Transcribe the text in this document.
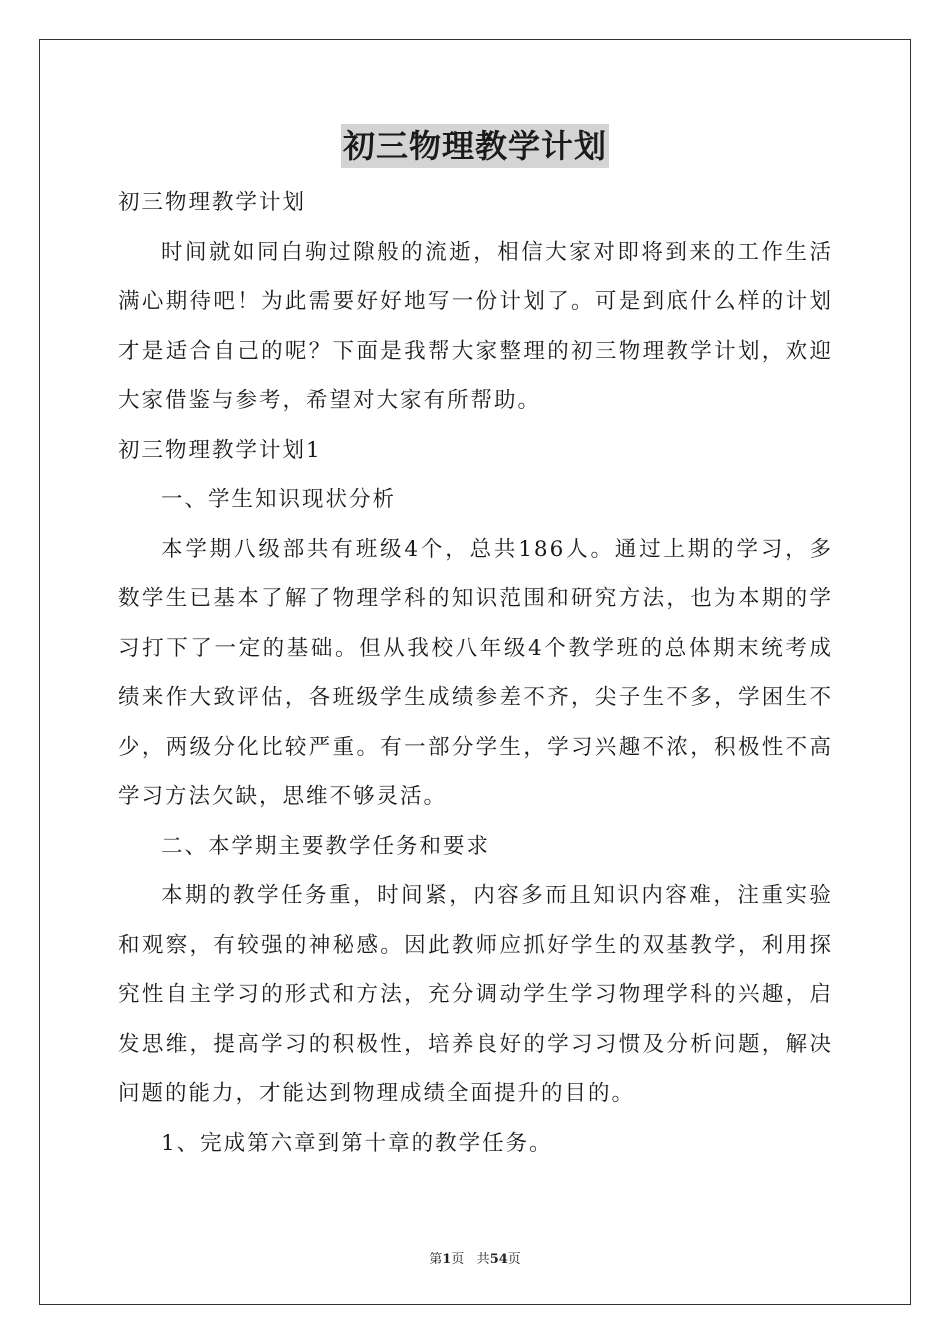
初三物理教学计划

初三物理教学计划

时间就如同白驹过隙般的流逝，相信大家对即将到来的工作生活满心期待吧！为此需要好好地写一份计划了。可是到底什么样的计划才是适合自己的呢？下面是我帮大家整理的初三物理教学计划，欢迎大家借鉴与参考，希望对大家有所帮助。

初三物理教学计划1

一、学生知识现状分析

本学期八级部共有班级4个，总共186人。通过上期的学习，多数学生已基本了解了物理学科的知识范围和研究方法，也为本期的学习打下了一定的基础。但从我校八年级4个教学班的总体期末统考成绩来作大致评估，各班级学生成绩参差不齐，尖子生不多，学困生不少，两级分化比较严重。有一部分学生，学习兴趣不浓，积极性不高学习方法欠缺，思维不够灵活。

二、本学期主要教学任务和要求

本期的教学任务重，时间紧，内容多而且知识内容难，注重实验和观察，有较强的神秘感。因此教师应抓好学生的双基教学，利用探究性自主学习的形式和方法，充分调动学生学习物理学科的兴趣，启发思维，提高学习的积极性，培养良好的学习习惯及分析问题，解决问题的能力，才能达到物理成绩全面提升的目的。

1、完成第六章到第十章的教学任务。

第1页 共54页
